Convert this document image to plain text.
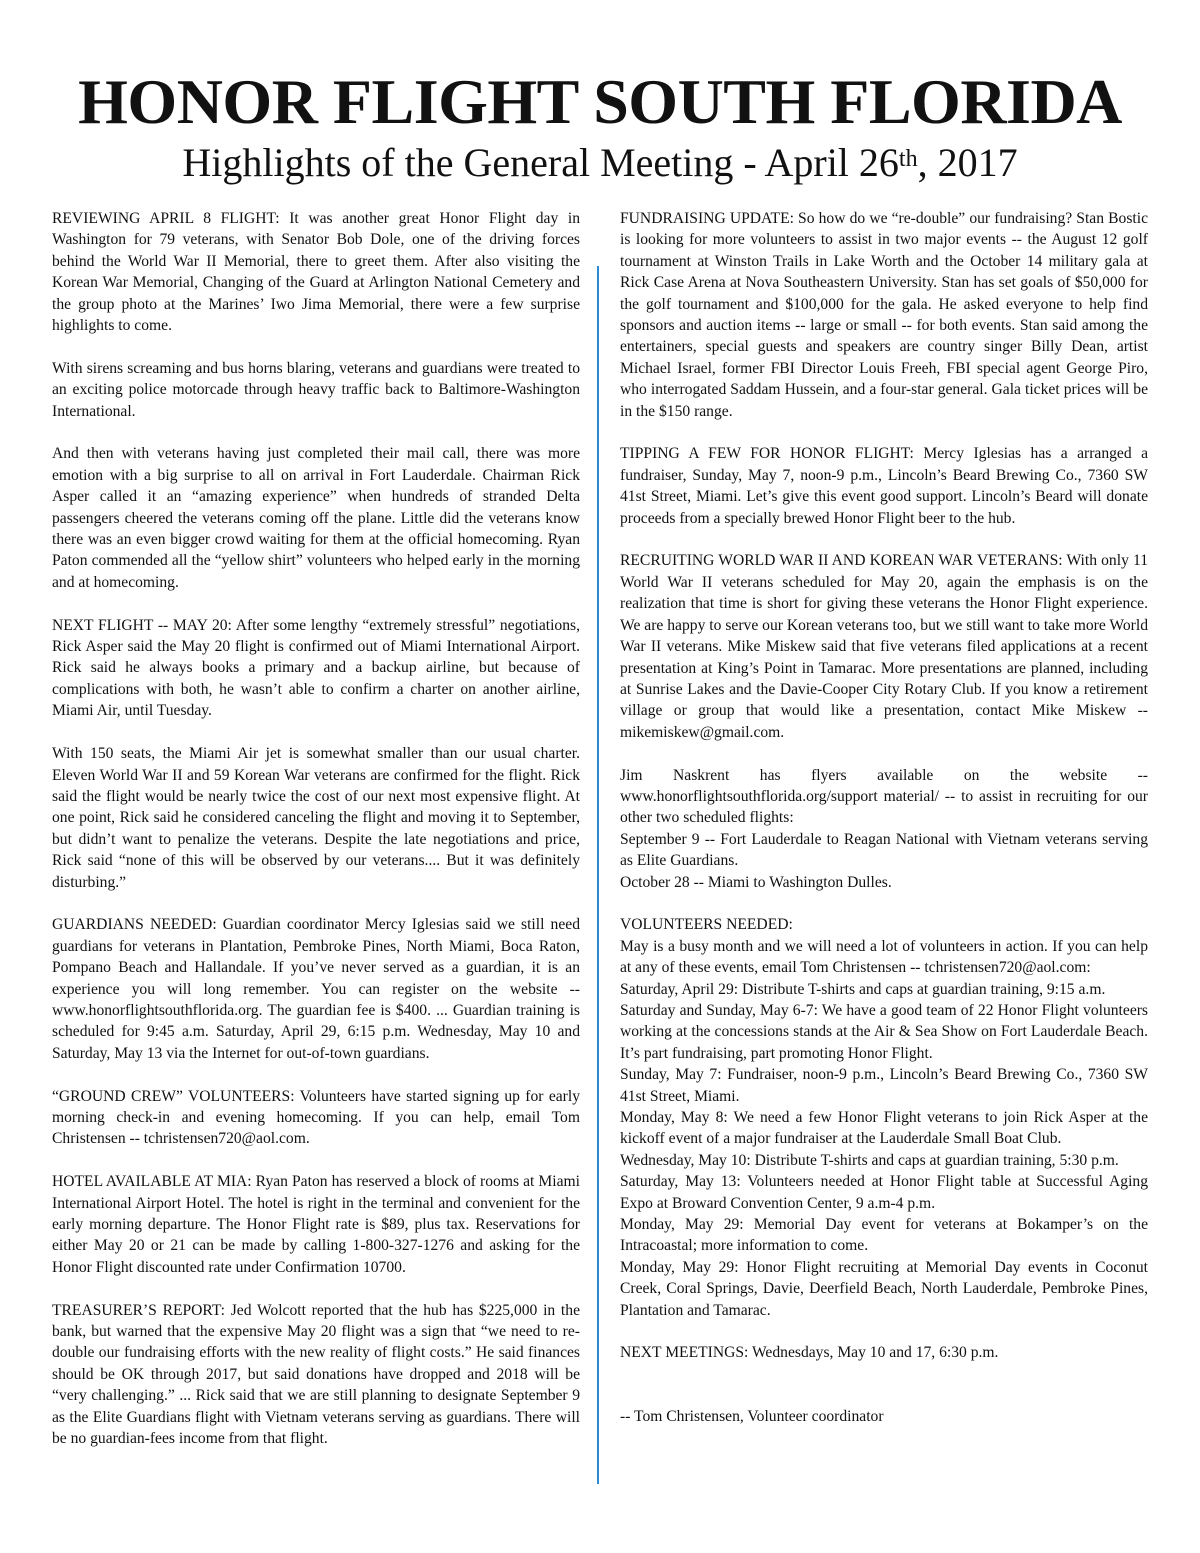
HONOR FLIGHT SOUTH FLORIDA
Highlights of the General Meeting - April 26th, 2017

REVIEWING APRIL 8 FLIGHT: It was another great Honor Flight day in Washington for 79 veterans, with Senator Bob Dole, one of the driving forces behind the World War II Memorial, there to greet them. After also visiting the Korean War Memorial, Changing of the Guard at Arlington National Cemetery and the group photo at the Marines’ Iwo Jima Memorial, there were a few surprise highlights to come.

With sirens screaming and bus horns blaring, veterans and guardians were treated to an exciting police motorcade through heavy traffic back to Baltimore-Washington International.

And then with veterans having just completed their mail call, there was more emotion with a big surprise to all on arrival in Fort Lauderdale. Chairman Rick Asper called it an “amazing experience” when hundreds of stranded Delta passengers cheered the veterans coming off the plane. Little did the veterans know there was an even bigger crowd waiting for them at the official homecoming. Ryan Paton commended all the “yellow shirt” volunteers who helped early in the morning and at homecoming.

NEXT FLIGHT -- MAY 20: After some lengthy “extremely stressful” negotiations, Rick Asper said the May 20 flight is confirmed out of Miami International Airport. Rick said he always books a primary and a backup airline, but because of complications with both, he wasn’t able to confirm a charter on another airline, Miami Air, until Tuesday.

With 150 seats, the Miami Air jet is somewhat smaller than our usual charter. Eleven World War II and 59 Korean War veterans are confirmed for the flight. Rick said the flight would be nearly twice the cost of our next most expensive flight. At one point, Rick said he considered canceling the flight and moving it to September, but didn’t want to penalize the veterans. Despite the late negotiations and price, Rick said “none of this will be observed by our veterans.... But it was definitely disturbing.”

GUARDIANS NEEDED: Guardian coordinator Mercy Iglesias said we still need guardians for veterans in Plantation, Pembroke Pines, North Miami, Boca Raton, Pompano Beach and Hallandale. If you’ve never served as a guardian, it is an experience you will long remember. You can register on the website -- www.honorflightsouthflorida.org. The guardian fee is $400. ... Guardian training is scheduled for 9:45 a.m. Saturday, April 29, 6:15 p.m. Wednesday, May 10 and Saturday, May 13 via the Internet for out-of-town guardians.

“GROUND CREW” VOLUNTEERS: Volunteers have started signing up for early morning check-in and evening homecoming. If you can help, email Tom Christensen -- tchristensen720@aol.com.

HOTEL AVAILABLE AT MIA: Ryan Paton has reserved a block of rooms at Miami International Airport Hotel. The hotel is right in the terminal and convenient for the early morning departure. The Honor Flight rate is $89, plus tax. Reservations for either May 20 or 21 can be made by calling 1-800-327-1276 and asking for the Honor Flight discounted rate under Confirmation 10700.

TREASURER’S REPORT: Jed Wolcott reported that the hub has $225,000 in the bank, but warned that the expensive May 20 flight was a sign that “we need to re-double our fundraising efforts with the new reality of flight costs.” He said finances should be OK through 2017, but said donations have dropped and 2018 will be “very challenging.” ... Rick said that we are still planning to designate September 9 as the Elite Guardians flight with Vietnam veterans serving as guardians. There will be no guardian-fees income from that flight.

FUNDRAISING UPDATE: So how do we “re-double” our fundraising? Stan Bostic is looking for more volunteers to assist in two major events -- the August 12 golf tournament at Winston Trails in Lake Worth and the October 14 military gala at Rick Case Arena at Nova Southeastern University. Stan has set goals of $50,000 for the golf tournament and $100,000 for the gala. He asked everyone to help find sponsors and auction items -- large or small -- for both events. Stan said among the entertainers, special guests and speakers are country singer Billy Dean, artist Michael Israel, former FBI Director Louis Freeh, FBI special agent George Piro, who interrogated Saddam Hussein, and a four-star general. Gala ticket prices will be in the $150 range.

TIPPING A FEW FOR HONOR FLIGHT: Mercy Iglesias has a arranged a fundraiser, Sunday, May 7, noon-9 p.m., Lincoln’s Beard Brewing Co., 7360 SW 41st Street, Miami. Let’s give this event good support. Lincoln’s Beard will donate proceeds from a specially brewed Honor Flight beer to the hub.

RECRUITING WORLD WAR II AND KOREAN WAR VETERANS: With only 11 World War II veterans scheduled for May 20, again the emphasis is on the realization that time is short for giving these veterans the Honor Flight experience. We are happy to serve our Korean veterans too, but we still want to take more World War II veterans. Mike Miskew said that five veterans filed applications at a recent presentation at King’s Point in Tamarac. More presentations are planned, including at Sunrise Lakes and the Davie-Cooper City Rotary Club. If you know a retirement village or group that would like a presentation, contact Mike Miskew -- mikemiskew@gmail.com.

Jim Naskrent has flyers available on the website -- www.honorflightsouthflorida.org/support material/ -- to assist in recruiting for our other two scheduled flights:

September 9 -- Fort Lauderdale to Reagan National with Vietnam veterans serving as Elite Guardians.

October 28 -- Miami to Washington Dulles.

VOLUNTEERS NEEDED:

May is a busy month and we will need a lot of volunteers in action. If you can help at any of these events, email Tom Christensen -- tchristensen720@aol.com:

Saturday, April 29: Distribute T-shirts and caps at guardian training, 9:15 a.m.

Saturday and Sunday, May 6-7: We have a good team of 22 Honor Flight volunteers working at the concessions stands at the Air & Sea Show on Fort Lauderdale Beach. It’s part fundraising, part promoting Honor Flight.

Sunday, May 7: Fundraiser, noon-9 p.m., Lincoln’s Beard Brewing Co., 7360 SW 41st Street, Miami.

Monday, May 8: We need a few Honor Flight veterans to join Rick Asper at the kickoff event of a major fundraiser at the Lauderdale Small Boat Club.

Wednesday, May 10: Distribute T-shirts and caps at guardian training, 5:30 p.m.

Saturday, May 13: Volunteers needed at Honor Flight table at Successful Aging Expo at Broward Convention Center, 9 a.m-4 p.m.

Monday, May 29: Memorial Day event for veterans at Bokamper’s on the Intracoastal; more information to come.

Monday, May 29: Honor Flight recruiting at Memorial Day events in Coconut Creek, Coral Springs, Davie, Deerfield Beach, North Lauderdale, Pembroke Pines, Plantation and Tamarac.

NEXT MEETINGS: Wednesdays, May 10 and 17, 6:30 p.m.

-- Tom Christensen, Volunteer coordinator
